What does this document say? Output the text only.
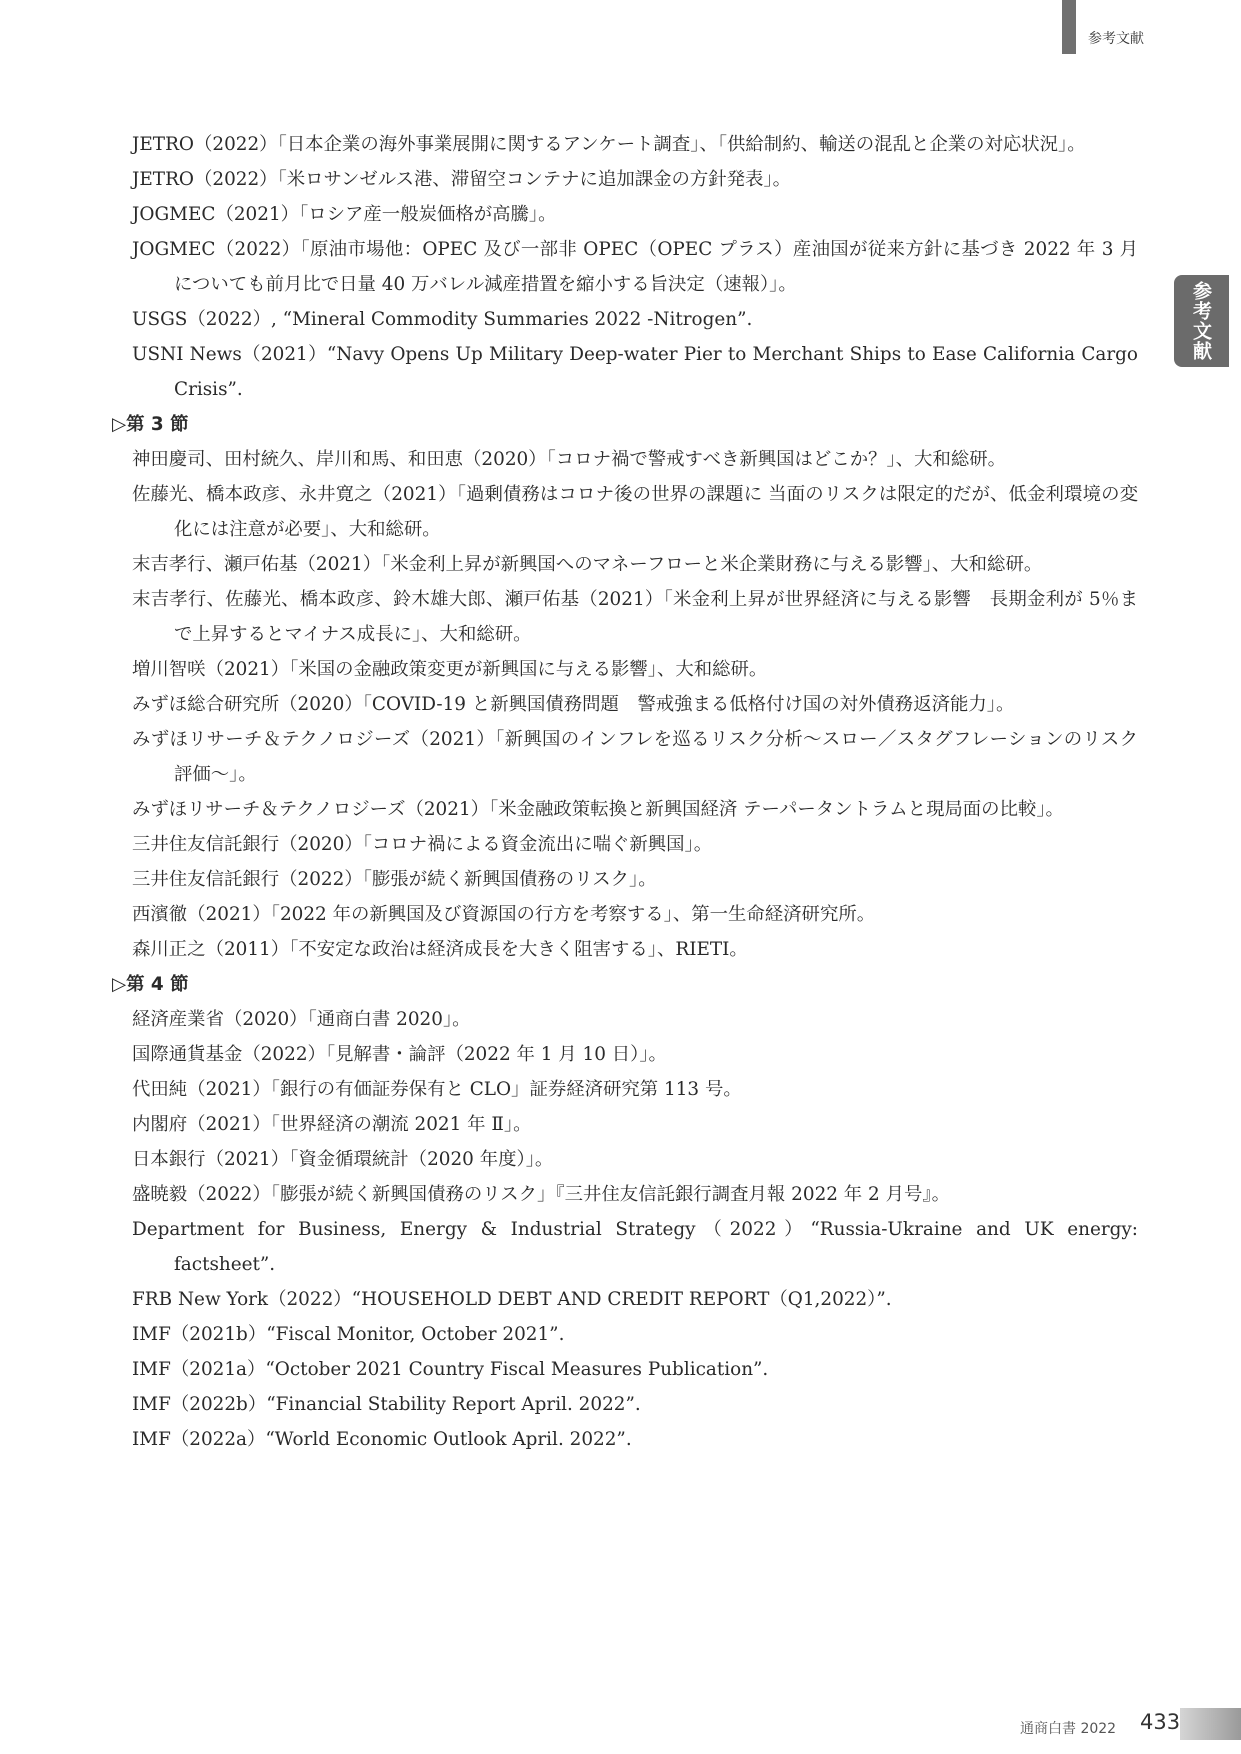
参考文献
参考文献

JETRO（2022）「日本企業の海外事業展開に関するアンケート調査」、「供給制約、輸送の混乱と企業の対応状況」。

JETRO（2022）「米ロサンゼルス港、滞留空コンテナに追加課金の方針発表」。

JOGMEC（2021）「ロシア産一般炭価格が高騰」。

JOGMEC（2022）「原油市場他：OPEC 及び一部非 OPEC（OPEC プラス）産油国が従来方針に基づき 2022 年 3 月についても前月比で日量 40 万バレル減産措置を縮小する旨決定（速報）」。

USGS（2022）, “Mineral Commodity Summaries 2022 -Nitrogen”.

USNI News（2021）“Navy Opens Up Military Deep-water Pier to Merchant Ships to Ease California Cargo Crisis”.

▷第 3 節

神田慶司、田村統久、岸川和馬、和田恵（2020）「コロナ禍で警戒すべき新興国はどこか？」、大和総研。

佐藤光、橋本政彦、永井寛之（2021）「過剰債務はコロナ後の世界の課題に 当面のリスクは限定的だが、低金利環境の変化には注意が必要」、大和総研。

末吉孝行、瀬戸佑基（2021）「米金利上昇が新興国へのマネーフローと米企業財務に与える影響」、大和総研。

末吉孝行、佐藤光、橋本政彦、鈴木雄大郎、瀬戸佑基（2021）「米金利上昇が世界経済に与える影響　長期金利が 5％まで上昇するとマイナス成長に」、大和総研。

増川智咲（2021）「米国の金融政策変更が新興国に与える影響」、大和総研。

みずほ総合研究所（2020）「COVID-19 と新興国債務問題　警戒強まる低格付け国の対外債務返済能力」。

みずほリサーチ＆テクノロジーズ（2021）「新興国のインフレを巡るリスク分析～スロー／スタグフレーションのリスク評価～」。

みずほリサーチ＆テクノロジーズ（2021）「米金融政策転換と新興国経済 テーパータントラムと現局面の比較」。

三井住友信託銀行（2020）「コロナ禍による資金流出に喘ぐ新興国」。

三井住友信託銀行（2022）「膨張が続く新興国債務のリスク」。

西濱徹（2021）「2022 年の新興国及び資源国の行方を考察する」、第一生命経済研究所。

森川正之（2011）「不安定な政治は経済成長を大きく阻害する」、RIETI。

▷第 4 節

経済産業省（2020）「通商白書 2020」。

国際通貨基金（2022）「見解書・論評（2022 年 1 月 10 日）」。

代田純（2021）「銀行の有価証券保有と CLO」証券経済研究第 113 号。

内閣府（2021）「世界経済の潮流 2021 年 Ⅱ」。

日本銀行（2021）「資金循環統計（2020 年度）」。

盛暁毅（2022）「膨張が続く新興国債務のリスク」『三井住友信託銀行調査月報 2022 年 2 月号』。

Department for Business, Energy & Industrial Strategy（2022）“Russia-Ukraine and UK energy: factsheet”.

FRB New York（2022）“HOUSEHOLD DEBT AND CREDIT REPORT（Q1,2022）”.

IMF（2021b）“Fiscal Monitor, October 2021”.

IMF（2021a）“October 2021 Country Fiscal Measures Publication”.

IMF（2022b）“Financial Stability Report April. 2022”.

IMF（2022a）“World Economic Outlook April. 2022”.

通商白書 2022 433
